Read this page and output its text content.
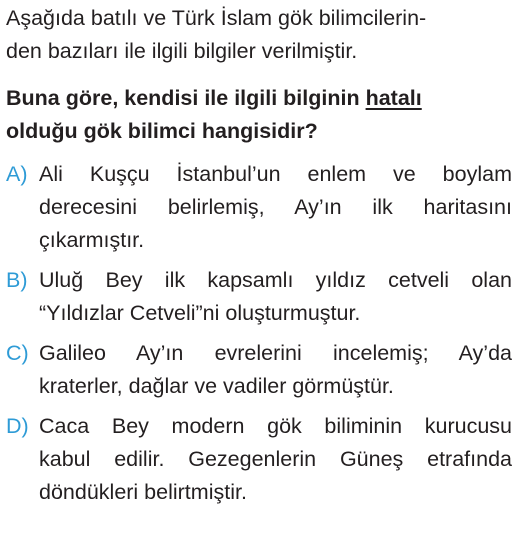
Aşağıda batılı ve Türk İslam gök bilimcilerin-
den bazıları ile ilgili bilgiler verilmiştir.
Buna göre, kendisi ile ilgili bilginin hatalı
olduğu gök bilimci hangisidir?
A) Ali Kuşçu İstanbul’un enlem ve boylam
derecesini belirlemiş, Ay’ın ilk haritasını
çıkarmıştır.
B) Uluğ Bey ilk kapsamlı yıldız cetveli olan
“Yıldızlar Cetveli”ni oluşturmuştur.
C) Galileo Ay’ın evrelerini incelemiş; Ay’da
kraterler, dağlar ve vadiler görmüştür.
D) Caca Bey modern gök biliminin kurucusu
kabul edilir. Gezegenlerin Güneş etrafında
döndükleri belirtmiştir.
